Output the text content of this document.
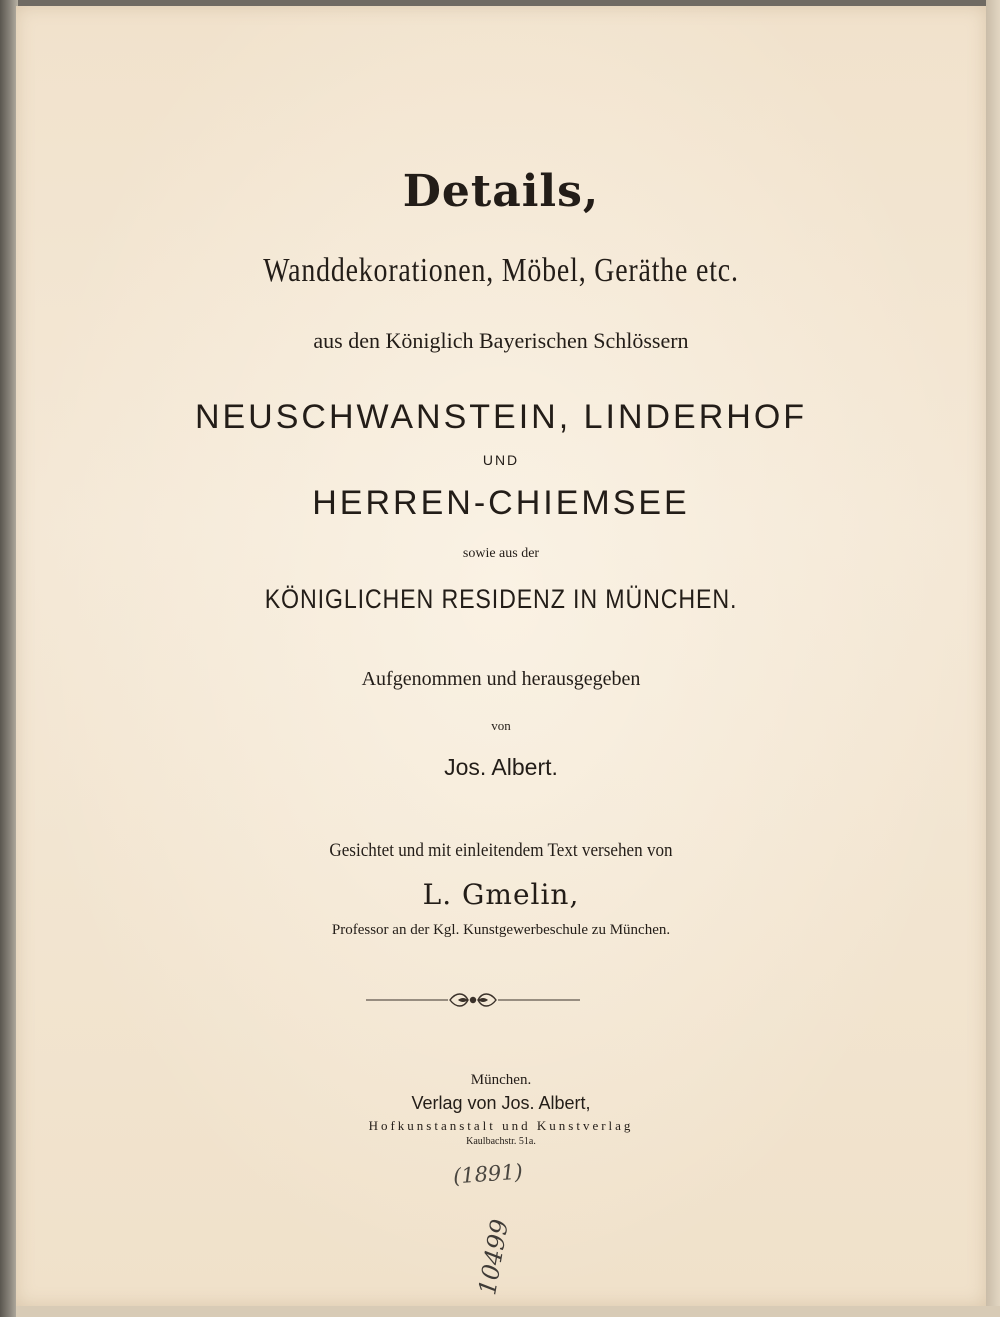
Details,
Wanddekorationen, Möbel, Geräthe etc.
aus den Königlich Bayerischen Schlössern
NEUSCHWANSTEIN, LINDERHOF
UND
HERREN-CHIEMSEE
sowie aus der
KÖNIGLICHEN RESIDENZ IN MÜNCHEN.
Aufgenommen und herausgegeben
von
Jos. Albert.
Gesichtet und mit einleitendem Text versehen von
L. Gmelin,
Professor an der Kgl. Kunstgewerbeschule zu München.
München.
Verlag von Jos. Albert,
Hofkunstanstalt und Kunstverlag
Kaulbachstr. 51a.
(1891)
10499
